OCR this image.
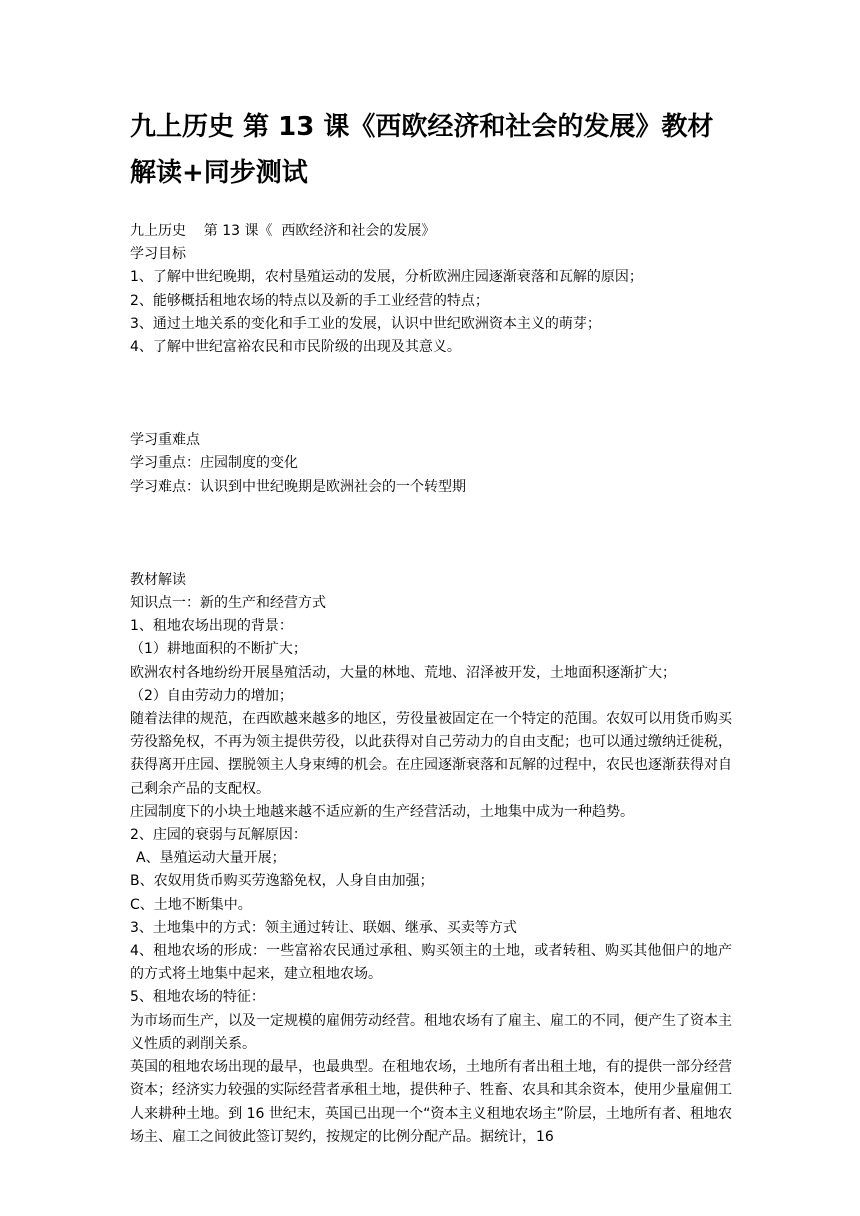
九上历史 第 13 课《西欧经济和社会的发展》教材解读+同步测试

九上历史    第 13 课《  西欧经济和社会的发展》

学习目标

1、了解中世纪晚期，农村垦殖运动的发展，分析欧洲庄园逐渐衰落和瓦解的原因；

2、能够概括租地农场的特点以及新的手工业经营的特点；

3、通过土地关系的变化和手工业的发展，认识中世纪欧洲资本主义的萌芽；

4、了解中世纪富裕农民和市民阶级的出现及其意义。

学习重难点

学习重点：庄园制度的变化

学习难点：认识到中世纪晚期是欧洲社会的一个转型期

教材解读

知识点一：新的生产和经营方式

1、租地农场出现的背景：

（1）耕地面积的不断扩大；

欧洲农村各地纷纷开展垦殖活动，大量的林地、荒地、沼泽被开发，土地面积逐渐扩大；

（2）自由劳动力的增加；

随着法律的规范，在西欧越来越多的地区，劳役量被固定在一个特定的范围。农奴可以用货币购买劳役豁免权，不再为领主提供劳役，以此获得对自己劳动力的自由支配；也可以通过缴纳迁徙税，获得离开庄园、摆脱领主人身束缚的机会。在庄园逐渐衰落和瓦解的过程中，农民也逐渐获得对自己剩余产品的支配权。

庄园制度下的小块土地越来越不适应新的生产经营活动，土地集中成为一种趋势。

2、庄园的衰弱与瓦解原因：

A、垦殖运动大量开展；

B、农奴用货币购买劳逸豁免权，人身自由加强；

C、土地不断集中。

3、土地集中的方式：领主通过转让、联姻、继承、买卖等方式

4、租地农场的形成：一些富裕农民通过承租、购买领主的土地，或者转租、购买其他佃户的地产的方式将土地集中起来，建立租地农场。

5、租地农场的特征：

为市场而生产，以及一定规模的雇佣劳动经营。租地农场有了雇主、雇工的不同，便产生了资本主义性质的剥削关系。

英国的租地农场出现的最早，也最典型。在租地农场，土地所有者出租土地，有的提供一部分经营资本；经济实力较强的实际经营者承租土地，提供种子、牲畜、农具和其余资本，使用少量雇佣工人来耕种土地。到 16 世纪末，英国已出现一个“资本主义租地农场主”阶层，土地所有者、租地农场主、雇工之间彼此签订契约，按规定的比例分配产品。据统计，16
